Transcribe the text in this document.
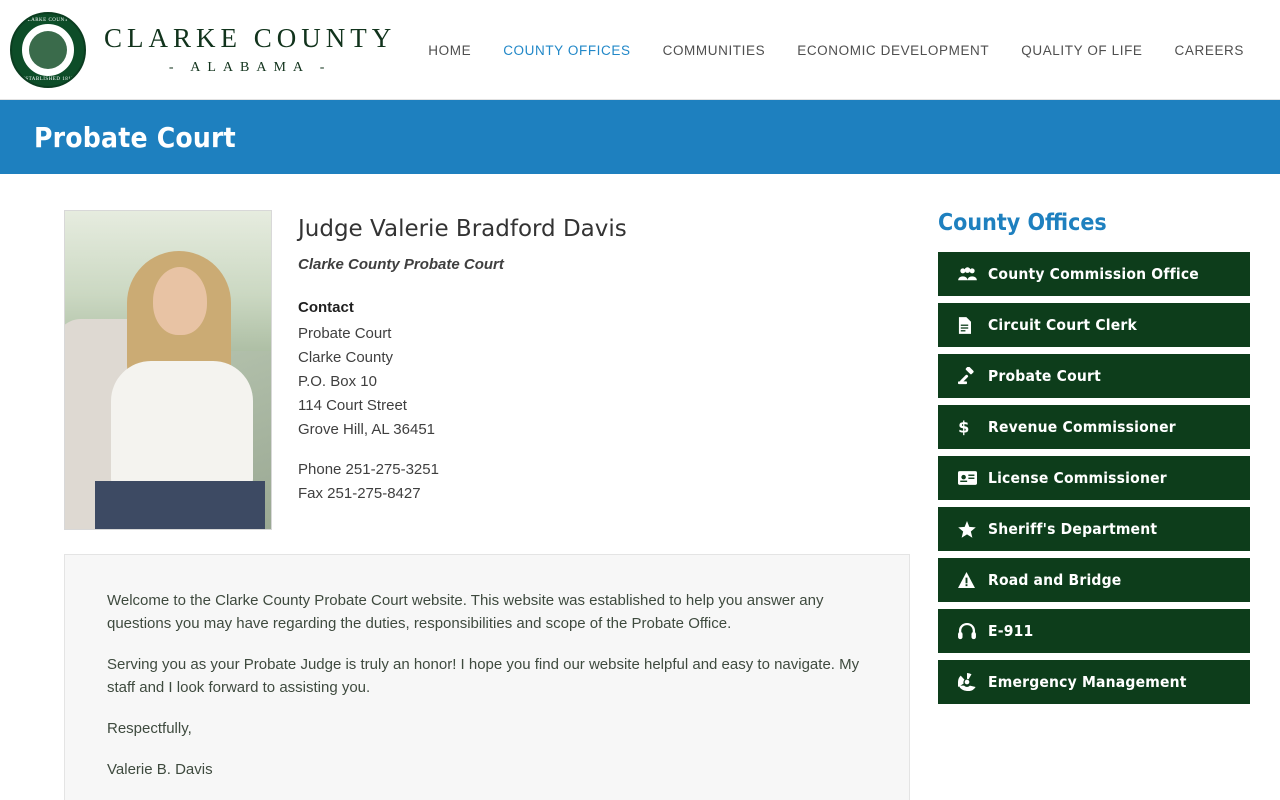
CLARKE COUNTY
ESTABLISHED 1812
CLARKE COUNTY
- ALABAMA -
HOME	COUNTY OFFICES	COMMUNITIES	ECONOMIC DEVELOPMENT	QUALITY OF LIFE	CAREERS
Probate Court
Judge Valerie Bradford Davis
Clarke County Probate Court
Contact
Probate Court
Clarke County
P.O. Box 10
114 Court Street
Grove Hill, AL 36451
Phone 251-275-3251
Fax 251-275-8427

Welcome to the Clarke County Probate Court website. This website was established to help you answer any questions you may have regarding the duties, responsibilities and scope of the Probate Office.

Serving you as your Probate Judge is truly an honor! I hope you find our website helpful and easy to navigate. My staff and I look forward to assisting you.

Respectfully,

Valerie B. Davis

County Offices
County Commission Office
Circuit Court Clerk
Probate Court
$ Revenue Commissioner
License Commissioner
Sheriff's Department
Road and Bridge
E-911
Emergency Management
